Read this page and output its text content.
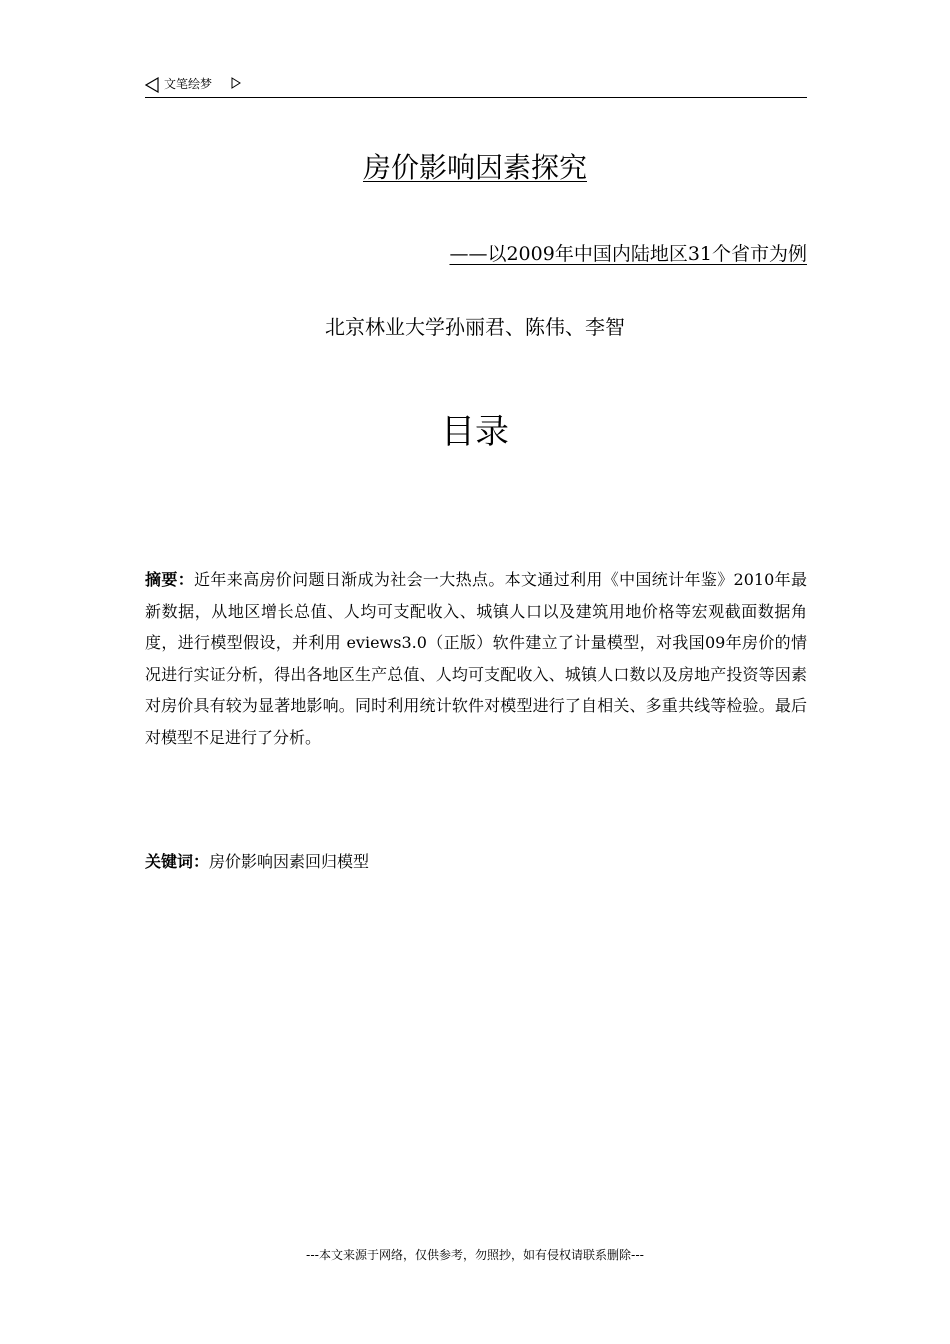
文笔绘梦
房价影响因素探究
——以2009年中国内陆地区31个省市为例
北京林业大学孙丽君、陈伟、李智
目录

摘要：近年来高房价问题日渐成为社会一大热点。本文通过利用《中国统计年鉴》2010年最新数据，从地区增长总值、人均可支配收入、城镇人口以及建筑用地价格等宏观截面数据角度，进行模型假设，并利用 eviews3.0（正版）软件建立了计量模型，对我国09年房价的情况进行实证分析，得出各地区生产总值、人均可支配收入、城镇人口数以及房地产投资等因素对房价具有较为显著地影响。同时利用统计软件对模型进行了自相关、多重共线等检验。最后对模型不足进行了分析。

关键词：房价影响因素回归模型

---本文来源于网络，仅供参考，勿照抄，如有侵权请联系删除---
